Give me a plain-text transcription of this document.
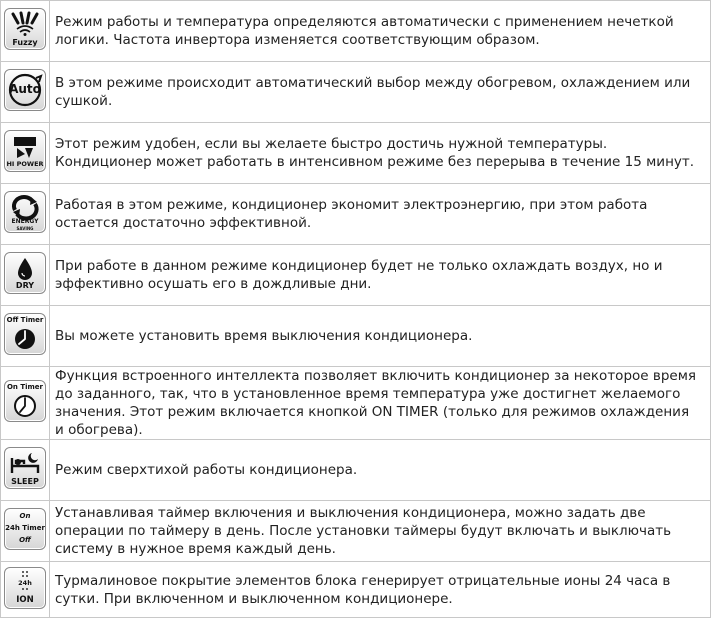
Fuzzy	Режим работы и температура определяются автоматически с применением нечеткой логики. Частота инвертора изменяется соответствующим образом.

Auto	В этом режиме происходит автоматический выбор между обогревом, охлаждением или сушкой.

HI POWER	Этот режим удобен, если вы желаете быстро достичь нужной температуры. Кондиционер может работать в интенсивном режиме без перерыва в течение 15 минут.

ENERGY
SAVING	Работая в этом режиме, кондиционер экономит электроэнергию, при этом работа остается достаточно эффективной.

DRY	При работе в данном режиме кондиционер будет не только охлаждать воздух, но и эффективно осушать его в дождливые дни.

Off Timer	Вы можете установить время выключения кондиционера.

On Timer	Функция встроенного интеллекта позволяет включить кондиционер за некоторое время до заданного, так, что в установленное время температура уже достигнет желаемого значения. Этот режим включается кнопкой ON TIMER (только для режимов охлаждения и обогрева).

SLEEP	Режим сверхтихой работы кондиционера.

On
24h Timer
Off	Устанавливая таймер включения и выключения кондиционера, можно задать две операции по таймеру в день. После установки таймеры будут включать и выключать систему в нужное время каждый день.

24h
ION	Турмалиновое покрытие элементов блока генерирует отрицательные ионы 24 часа в сутки. При включенном и выключенном кондиционере.
